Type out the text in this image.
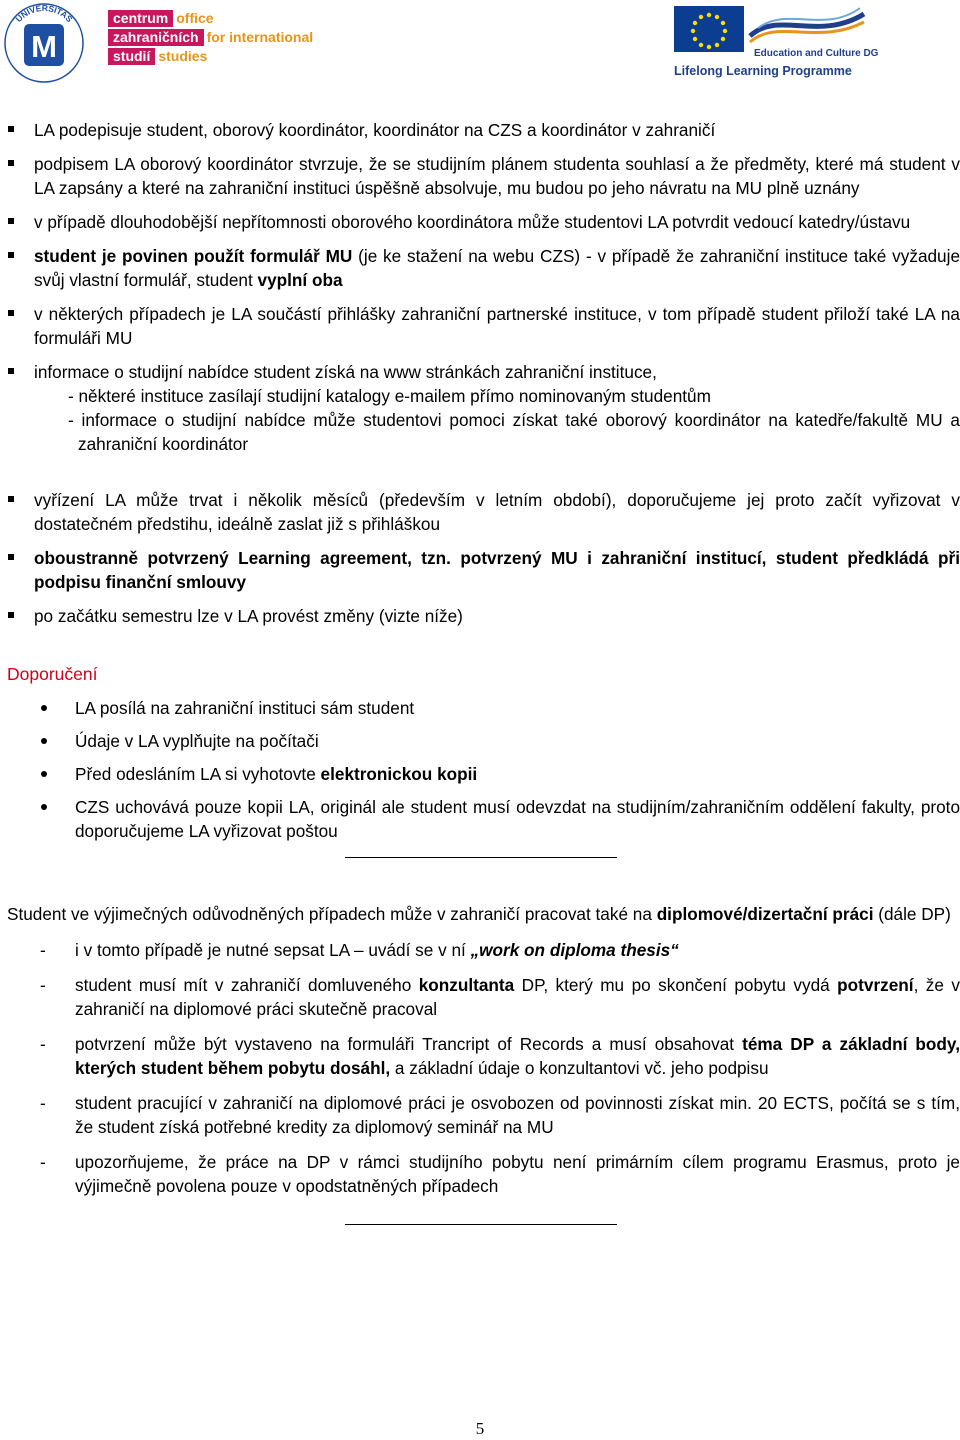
UNIVERSITAS
M
centrum office
zahraničních for international
studií studies	Education and Culture DG
Lifelong Learning Programme
LA podepisuje student, oborový koordinátor, koordinátor na CZS a koordinátor v zahraničí
podpisem LA oborový koordinátor stvrzuje, že se studijním plánem studenta souhlasí a že předměty, které má student v LA zapsány a které na zahraniční instituci úspěšně absolvuje, mu budou po jeho návratu na MU plně uznány
v případě dlouhodobější nepřítomnosti oborového koordinátora může studentovi LA potvrdit vedoucí katedry/ústavu
student je povinen použít formulář MU (je ke stažení na webu CZS) - v případě že zahraniční instituce také vyžaduje svůj vlastní formulář, student vyplní oba
v některých případech je LA součástí přihlášky zahraniční partnerské instituce, v tom případě student přiloží také LA na formuláři MU
informace o studijní nabídce student získá na www stránkách zahraniční instituce,
- některé instituce zasílají studijní katalogy e-mailem přímo nominovaným studentům
- informace o studijní nabídce může studentovi pomoci získat také oborový koordinátor na katedře/fakultě MU a zahraniční koordinátor
vyřízení LA může trvat i několik měsíců (především v letním období), doporučujeme jej proto začít vyřizovat v dostatečném předstihu, ideálně zaslat již s přihláškou
oboustranně potvrzený Learning agreement, tzn. potvrzený MU i zahraniční institucí, student předkládá při podpisu finanční smlouvy
po začátku semestru lze v LA provést změny (vizte níže)
Doporučení
LA posílá na zahraniční instituci sám student
Údaje v LA vyplňujte na počítači
Před odesláním LA si vyhotovte elektronickou kopii
CZS uchovává pouze kopii LA, originál ale student musí odevzdat na studijním/zahraničním oddělení fakulty, proto doporučujeme LA vyřizovat poštou
Student ve výjimečných odůvodněných případech může v zahraničí pracovat také na diplomové/dizertační práci (dále DP)
- i v tomto případě je nutné sepsat LA – uvádí se v ní „work on diploma thesis“
- student musí mít v zahraničí domluveného konzultanta DP, který mu po skončení pobytu vydá potvrzení, že v zahraničí na diplomové práci skutečně pracoval
- potvrzení může být vystaveno na formuláři Trancript of Records a musí obsahovat téma DP a základní body, kterých student během pobytu dosáhl, a základní údaje o konzultantovi vč. jeho podpisu
- student pracující v zahraničí na diplomové práci je osvobozen od povinnosti získat min. 20 ECTS, počítá se s tím, že student získá potřebné kredity za diplomový seminář na MU
- upozorňujeme, že práce na DP v rámci studijního pobytu není primárním cílem programu Erasmus, proto je výjimečně povolena pouze v opodstatněných případech
5
